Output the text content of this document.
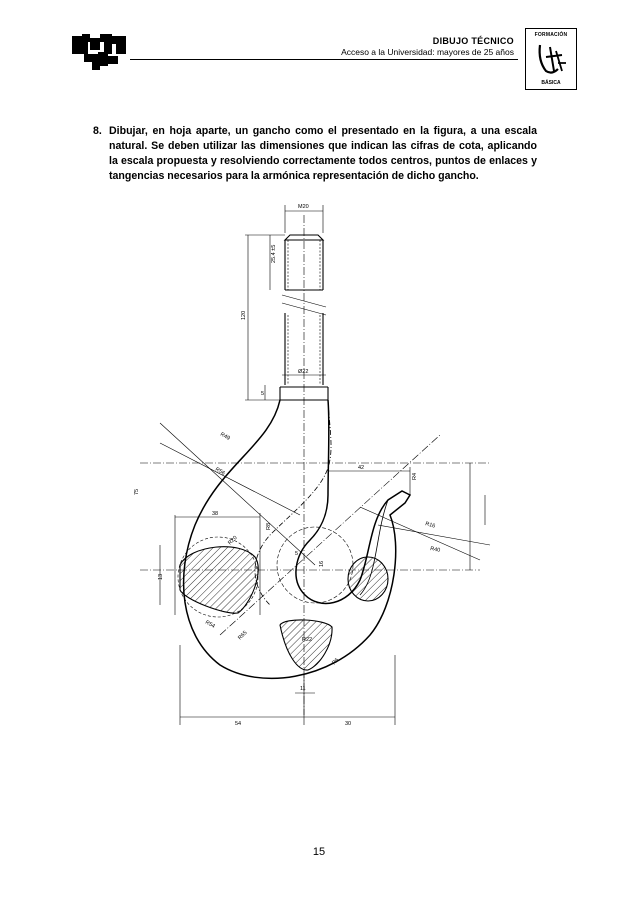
DIBUJO TÉCNICO
Acceso a la Universidad: mayores de 25 años
FORMACIÓN
BÁSICA
8. Dibujar, en hoja aparte, un gancho como el presentado en la figura, a una escala natural. Se deben utilizar las dimensiones que indican las cifras de cota, aplicando la escala propuesta y resolviendo correctamente todos centros, puntos de enlaces y tangencias necesarios para la armónica representación de dicho gancho.
M20
25.4 ±5
120
Ø22
5
R49
R56
75
42
R4
R16
R40
R8
38
R20
13
R54
R65	R22
11
R6
54	30
5
16
15
